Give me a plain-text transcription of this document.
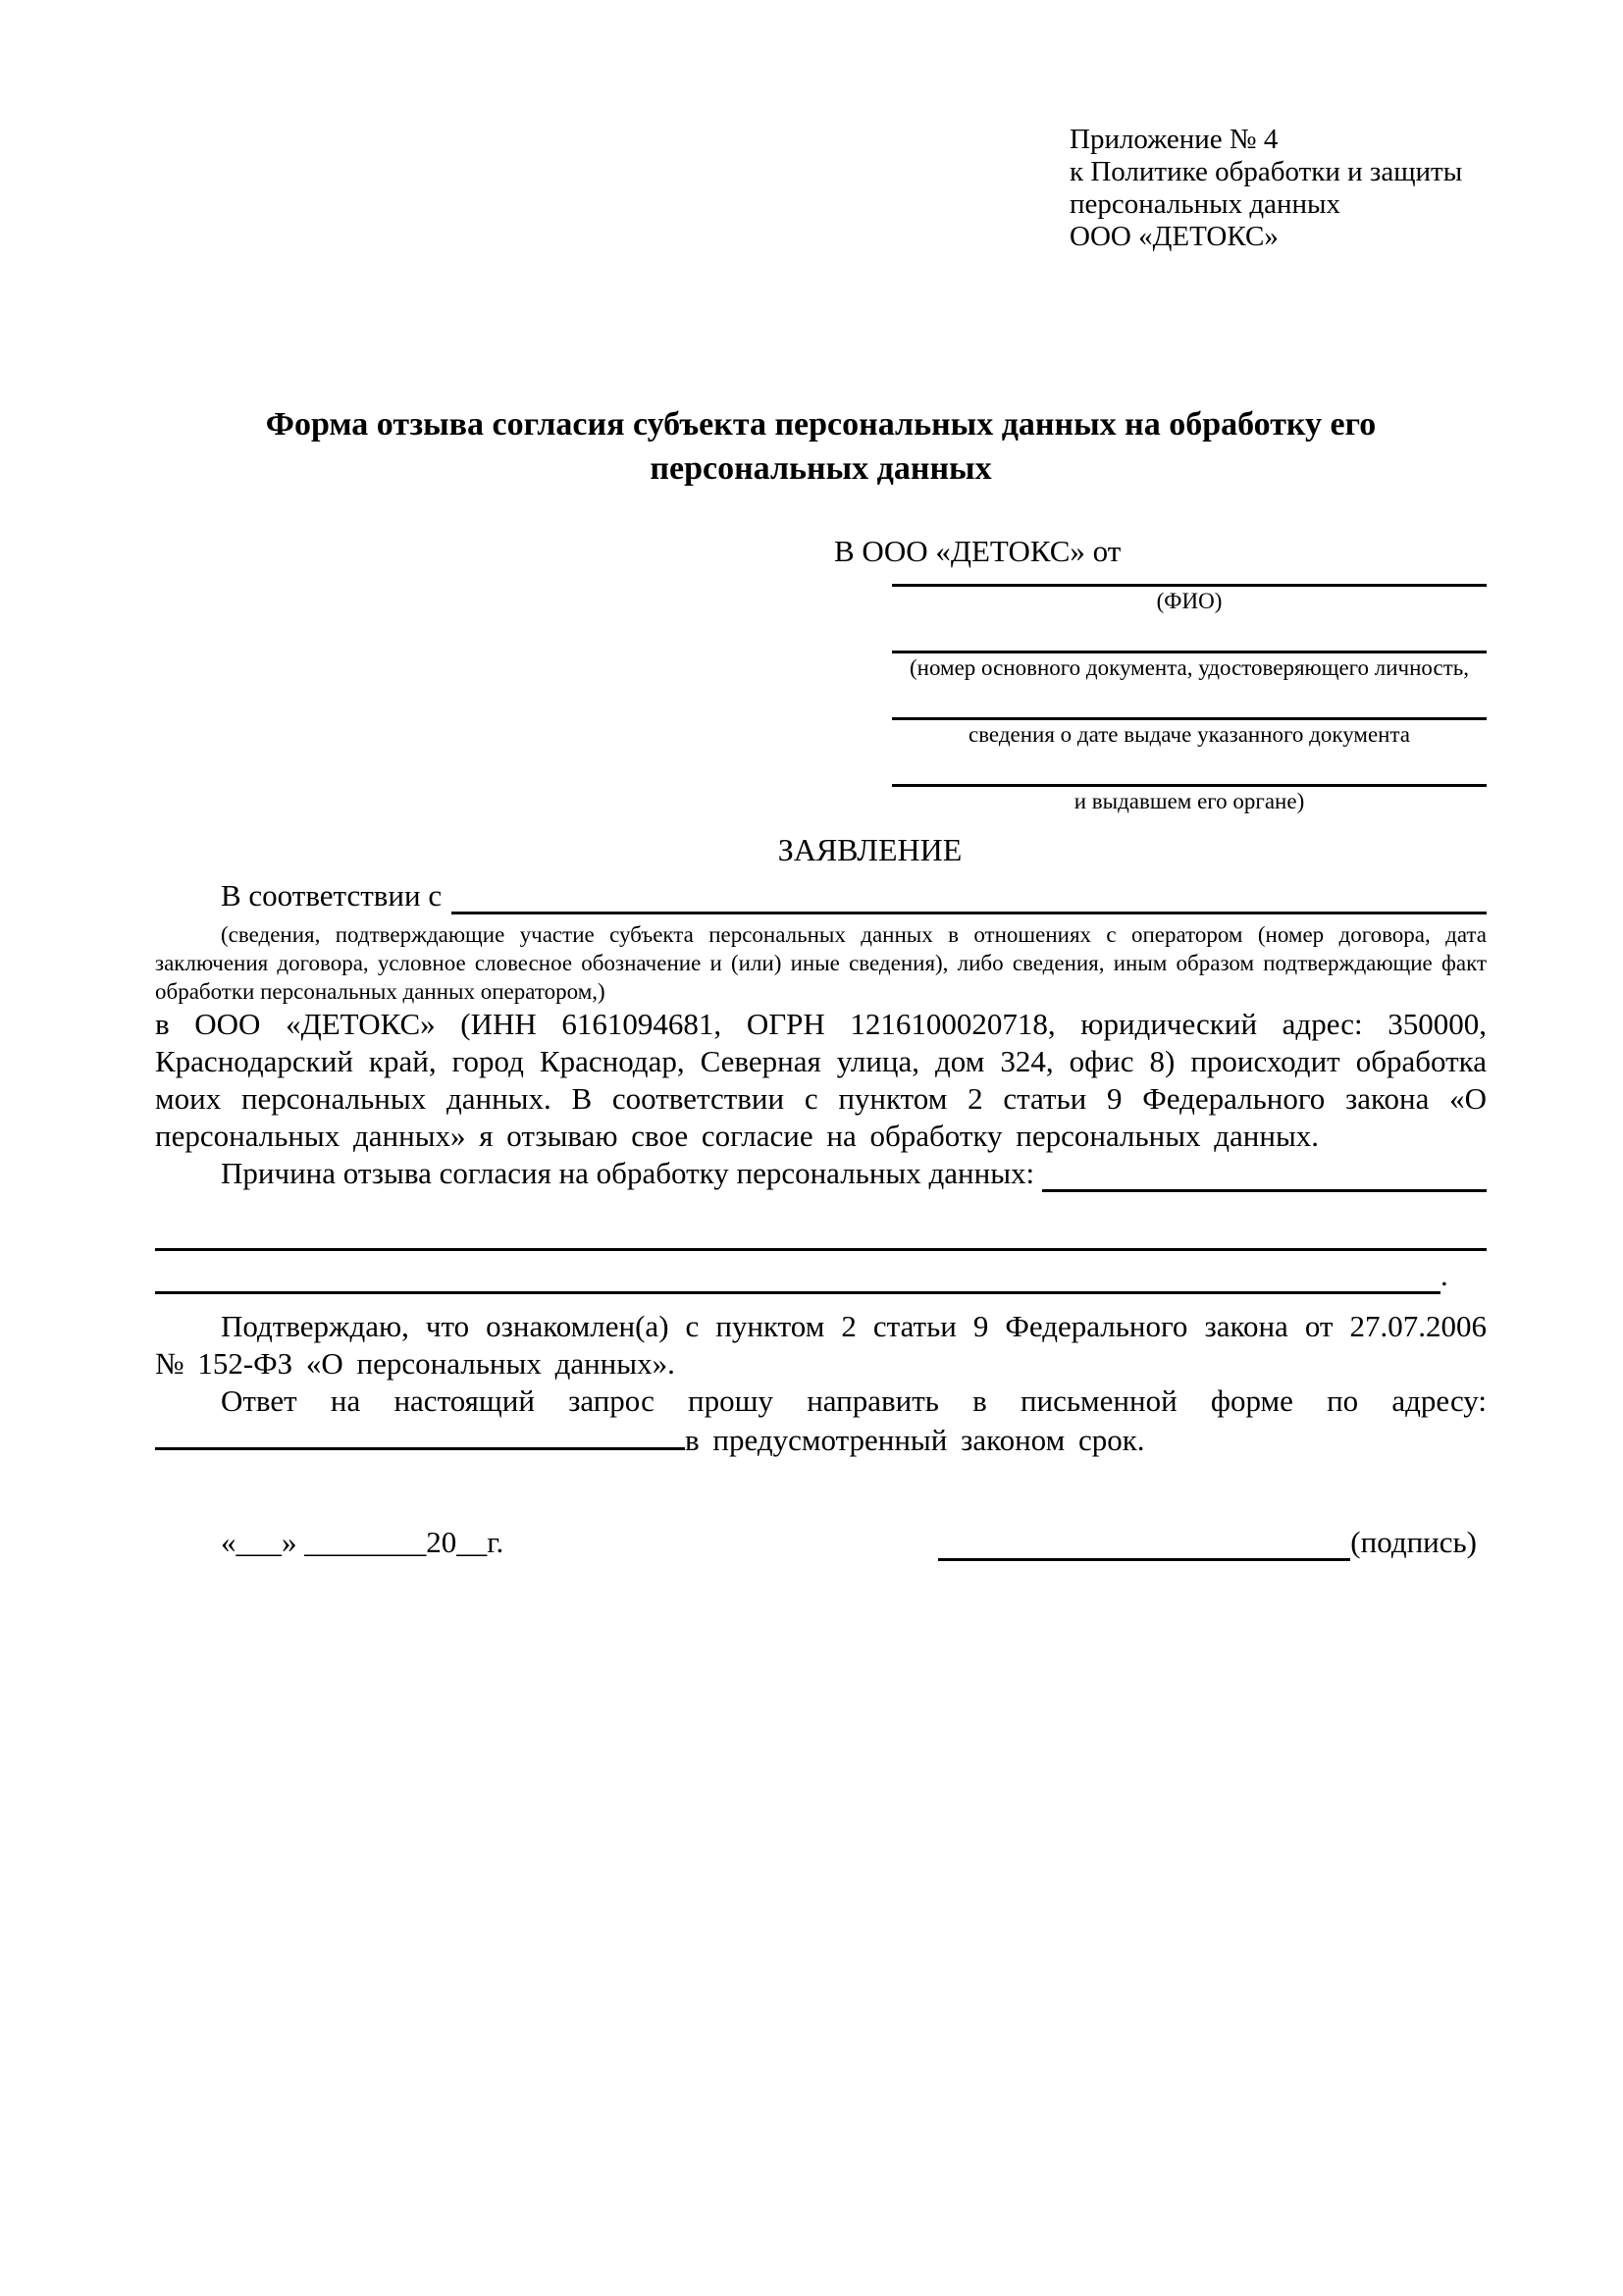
Приложение № 4
к Политике обработки и защиты
персональных данных
ООО «ДЕТОКС»
Форма отзыва согласия субъекта персональных данных на обработку его персональных данных
В ООО «ДЕТОКС» от
(ФИО)
(номер основного документа, удостоверяющего личность,
сведения о дате выдаче указанного документа
и выдавшем его органе)
ЗАЯВЛЕНИЕ
В соответствии с
(сведения, подтверждающие участие субъекта персональных данных в отношениях с оператором (номер договора, дата заключения договора, условное словесное обозначение и (или) иные сведения), либо сведения, иным образом подтверждающие факт обработки персональных данных оператором,)
в ООО «ДЕТОКС» (ИНН 6161094681, ОГРН 1216100020718, юридический адрес: 350000, Краснодарский край, город Краснодар, Северная улица, дом 324, офис 8) происходит обработка моих персональных данных. В соответствии с пунктом 2 статьи 9 Федерального закона «О персональных данных» я отзываю свое согласие на обработку персональных данных.
Причина отзыва согласия на обработку персональных данных:
.
Подтверждаю, что ознакомлен(а) с пунктом 2 статьи 9 Федерального закона от 27.07.2006 № 152-ФЗ «О персональных данных».
Ответ на настоящий запрос прошу направить в письменной форме по адресу: в предусмотренный законом срок.
«___» ________20__г.	(подпись)
